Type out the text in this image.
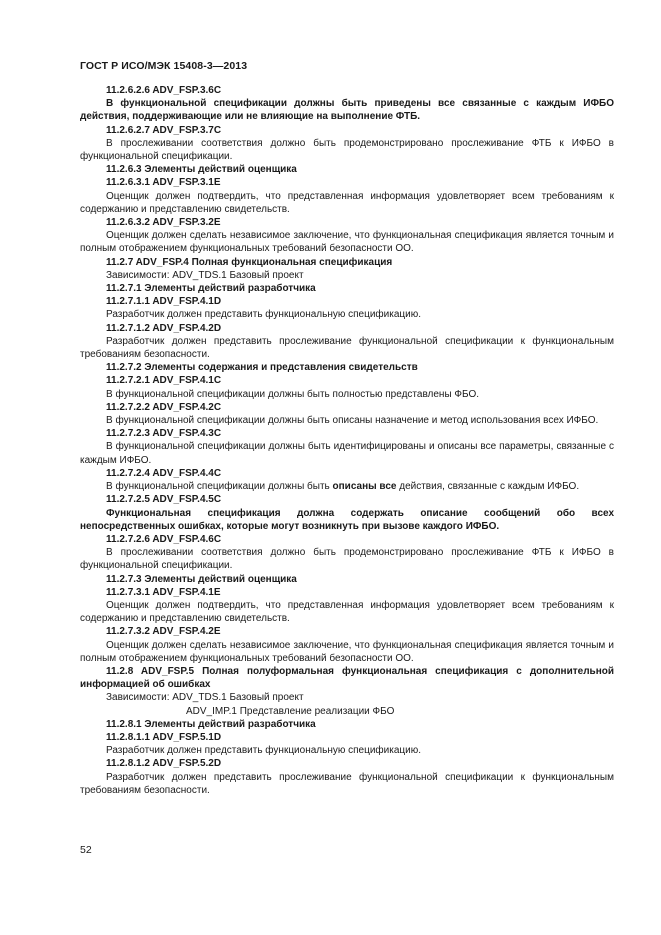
ГОСТ Р ИСО/МЭК 15408-3—2013

11.2.6.2.6 ADV_FSP.3.6C

В функциональной спецификации должны быть приведены все связанные с каждым ИФБО действия, поддерживающие или не влияющие на выполнение ФТБ.

11.2.6.2.7 ADV_FSP.3.7C

В прослеживании соответствия должно быть продемонстрировано прослеживание ФТБ к ИФБО в функциональной спецификации.

11.2.6.3 Элементы действий оценщика

11.2.6.3.1 ADV_FSP.3.1E

Оценщик должен подтвердить, что представленная информация удовлетворяет всем требованиям к содержанию и представлению свидетельств.

11.2.6.3.2 ADV_FSP.3.2E

Оценщик должен сделать независимое заключение, что функциональная спецификация является точным и полным отображением функциональных требований безопасности ОО.

11.2.7 ADV_FSP.4 Полная функциональная спецификация

Зависимости: ADV_TDS.1 Базовый проект

11.2.7.1 Элементы действий разработчика

11.2.7.1.1 ADV_FSP.4.1D

Разработчик должен представить функциональную спецификацию.

11.2.7.1.2 ADV_FSP.4.2D

Разработчик должен представить прослеживание функциональной спецификации к функциональным требованиям безопасности.

11.2.7.2 Элементы содержания и представления свидетельств

11.2.7.2.1 ADV_FSP.4.1C

В функциональной спецификации должны быть полностью представлены ФБО.

11.2.7.2.2 ADV_FSP.4.2C

В функциональной спецификации должны быть описаны назначение и метод использования всех ИФБО.

11.2.7.2.3 ADV_FSP.4.3C

В функциональной спецификации должны быть идентифицированы и описаны все параметры, связанные с каждым ИФБО.

11.2.7.2.4 ADV_FSP.4.4C

В функциональной спецификации должны быть описаны все действия, связанные с каждым ИФБО.

11.2.7.2.5 ADV_FSP.4.5C

Функциональная спецификация должна содержать описание сообщений обо всех непосредственных ошибках, которые могут возникнуть при вызове каждого ИФБО.

11.2.7.2.6 ADV_FSP.4.6C

В прослеживании соответствия должно быть продемонстрировано прослеживание ФТБ к ИФБО в функциональной спецификации.

11.2.7.3 Элементы действий оценщика

11.2.7.3.1 ADV_FSP.4.1E

Оценщик должен подтвердить, что представленная информация удовлетворяет всем требованиям к содержанию и представлению свидетельств.

11.2.7.3.2 ADV_FSP.4.2E

Оценщик должен сделать независимое заключение, что функциональная спецификация является точным и полным отображением функциональных требований безопасности ОО.

11.2.8 ADV_FSP.5 Полная полуформальная функциональная спецификация с дополнительной информацией об ошибках

Зависимости: ADV_TDS.1 Базовый проект

ADV_IMP.1 Представление реализации ФБО

11.2.8.1 Элементы действий разработчика

11.2.8.1.1 ADV_FSP.5.1D

Разработчик должен представить функциональную спецификацию.

11.2.8.1.2 ADV_FSP.5.2D

Разработчик должен представить прослеживание функциональной спецификации к функциональным требованиям безопасности.

52
